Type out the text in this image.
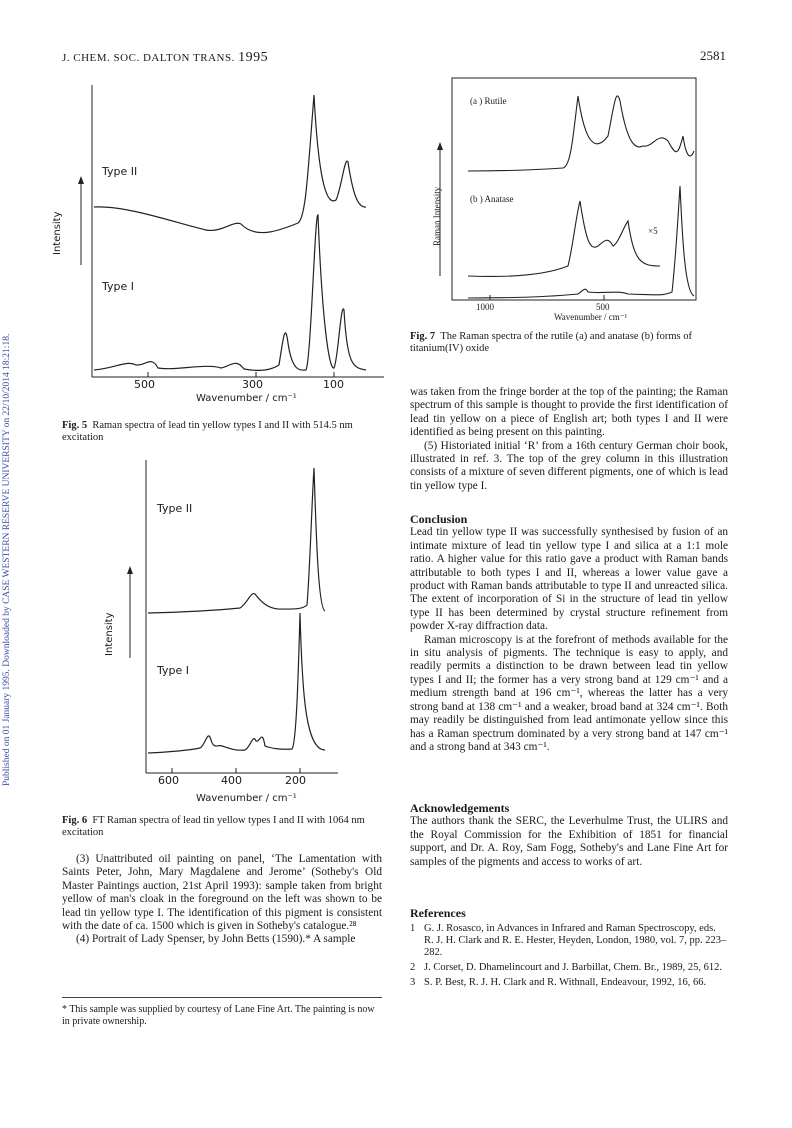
J. CHEM. SOC. DALTON TRANS. 1995	2581
Published on 01 January 1995. Downloaded by CASE WESTERN RESERVE UNIVERSITY on 22/10/2014 18:21:18.
Type II
Type I
Intensity
500	300	100
Wavenumber / cm⁻¹
Fig. 5 Raman spectra of lead tin yellow types I and II with 514.5 nm excitation
Type II
Type I
Intensity
600	400	200
Wavenumber / cm⁻¹
Fig. 6 FT Raman spectra of lead tin yellow types I and II with 1064 nm excitation

(3) Unattributed oil painting on panel, ‘The Lamentation with Saints Peter, John, Mary Magdalene and Jerome’ (Sotheby's Old Master Paintings auction, 21st April 1993): sample taken from bright yellow of man's cloak in the foreground on the left was shown to be lead tin yellow type I. The identification of this pigment is consistent with the date of ca. 1500 which is given in Sotheby's catalogue.²⁸

(4) Portrait of Lady Spenser, by John Betts (1590).* A sample

* This sample was supplied by courtesy of Lane Fine Art. The painting is now in private ownership.
(a ) Rutile
(b ) Anatase
×5
Raman Intensity
1000	500
Wavenumber / cm⁻¹
Fig. 7 The Raman spectra of the rutile (a) and anatase (b) forms of titanium(IV) oxide

was taken from the fringe border at the top of the painting; the Raman spectrum of this sample is thought to provide the first identification of lead tin yellow on a piece of English art; both types I and II were identified as being present on this painting.

(5) Historiated initial ‘R’ from a 16th century German choir book, illustrated in ref. 3. The top of the grey column in this illustration consists of a mixture of seven different pigments, one of which is lead tin yellow type I.

Conclusion

Lead tin yellow type II was successfully synthesised by fusion of an intimate mixture of lead tin yellow type I and silica at a 1:1 mole ratio. A higher value for this ratio gave a product with Raman bands attributable to both types I and II, whereas a lower value gave a product with Raman bands attributable to type II and unreacted silica. The extent of incorporation of Si in the structure of lead tin yellow type II has been determined by crystal structure refinement from powder X-ray diffraction data.

Raman microscopy is at the forefront of methods available for the in situ analysis of pigments. The technique is easy to apply, and readily permits a distinction to be drawn between lead tin yellow types I and II; the former has a very strong band at 129 cm⁻¹ and a medium strength band at 196 cm⁻¹, whereas the latter has a very strong band at 138 cm⁻¹ and a weaker, broad band at 324 cm⁻¹. Both may readily be distinguished from lead antimonate yellow since this has a Raman spectrum dominated by a very strong band at 147 cm⁻¹ and a strong band at 343 cm⁻¹.

Acknowledgements

The authors thank the SERC, the Leverhulme Trust, the ULIRS and the Royal Commission for the Exhibition of 1851 for financial support, and Dr. A. Roy, Sam Fogg, Sotheby's and Lane Fine Art for samples of the pigments and access to works of art.

References
1 G. J. Rosasco, in Advances in Infrared and Raman Spectroscopy, eds. R. J. H. Clark and R. E. Hester, Heyden, London, 1980, vol. 7, pp. 223–282.
2 J. Corset, D. Dhamelincourt and J. Barbillat, Chem. Br., 1989, 25, 612.
3 S. P. Best, R. J. H. Clark and R. Withnall, Endeavour, 1992, 16, 66.
